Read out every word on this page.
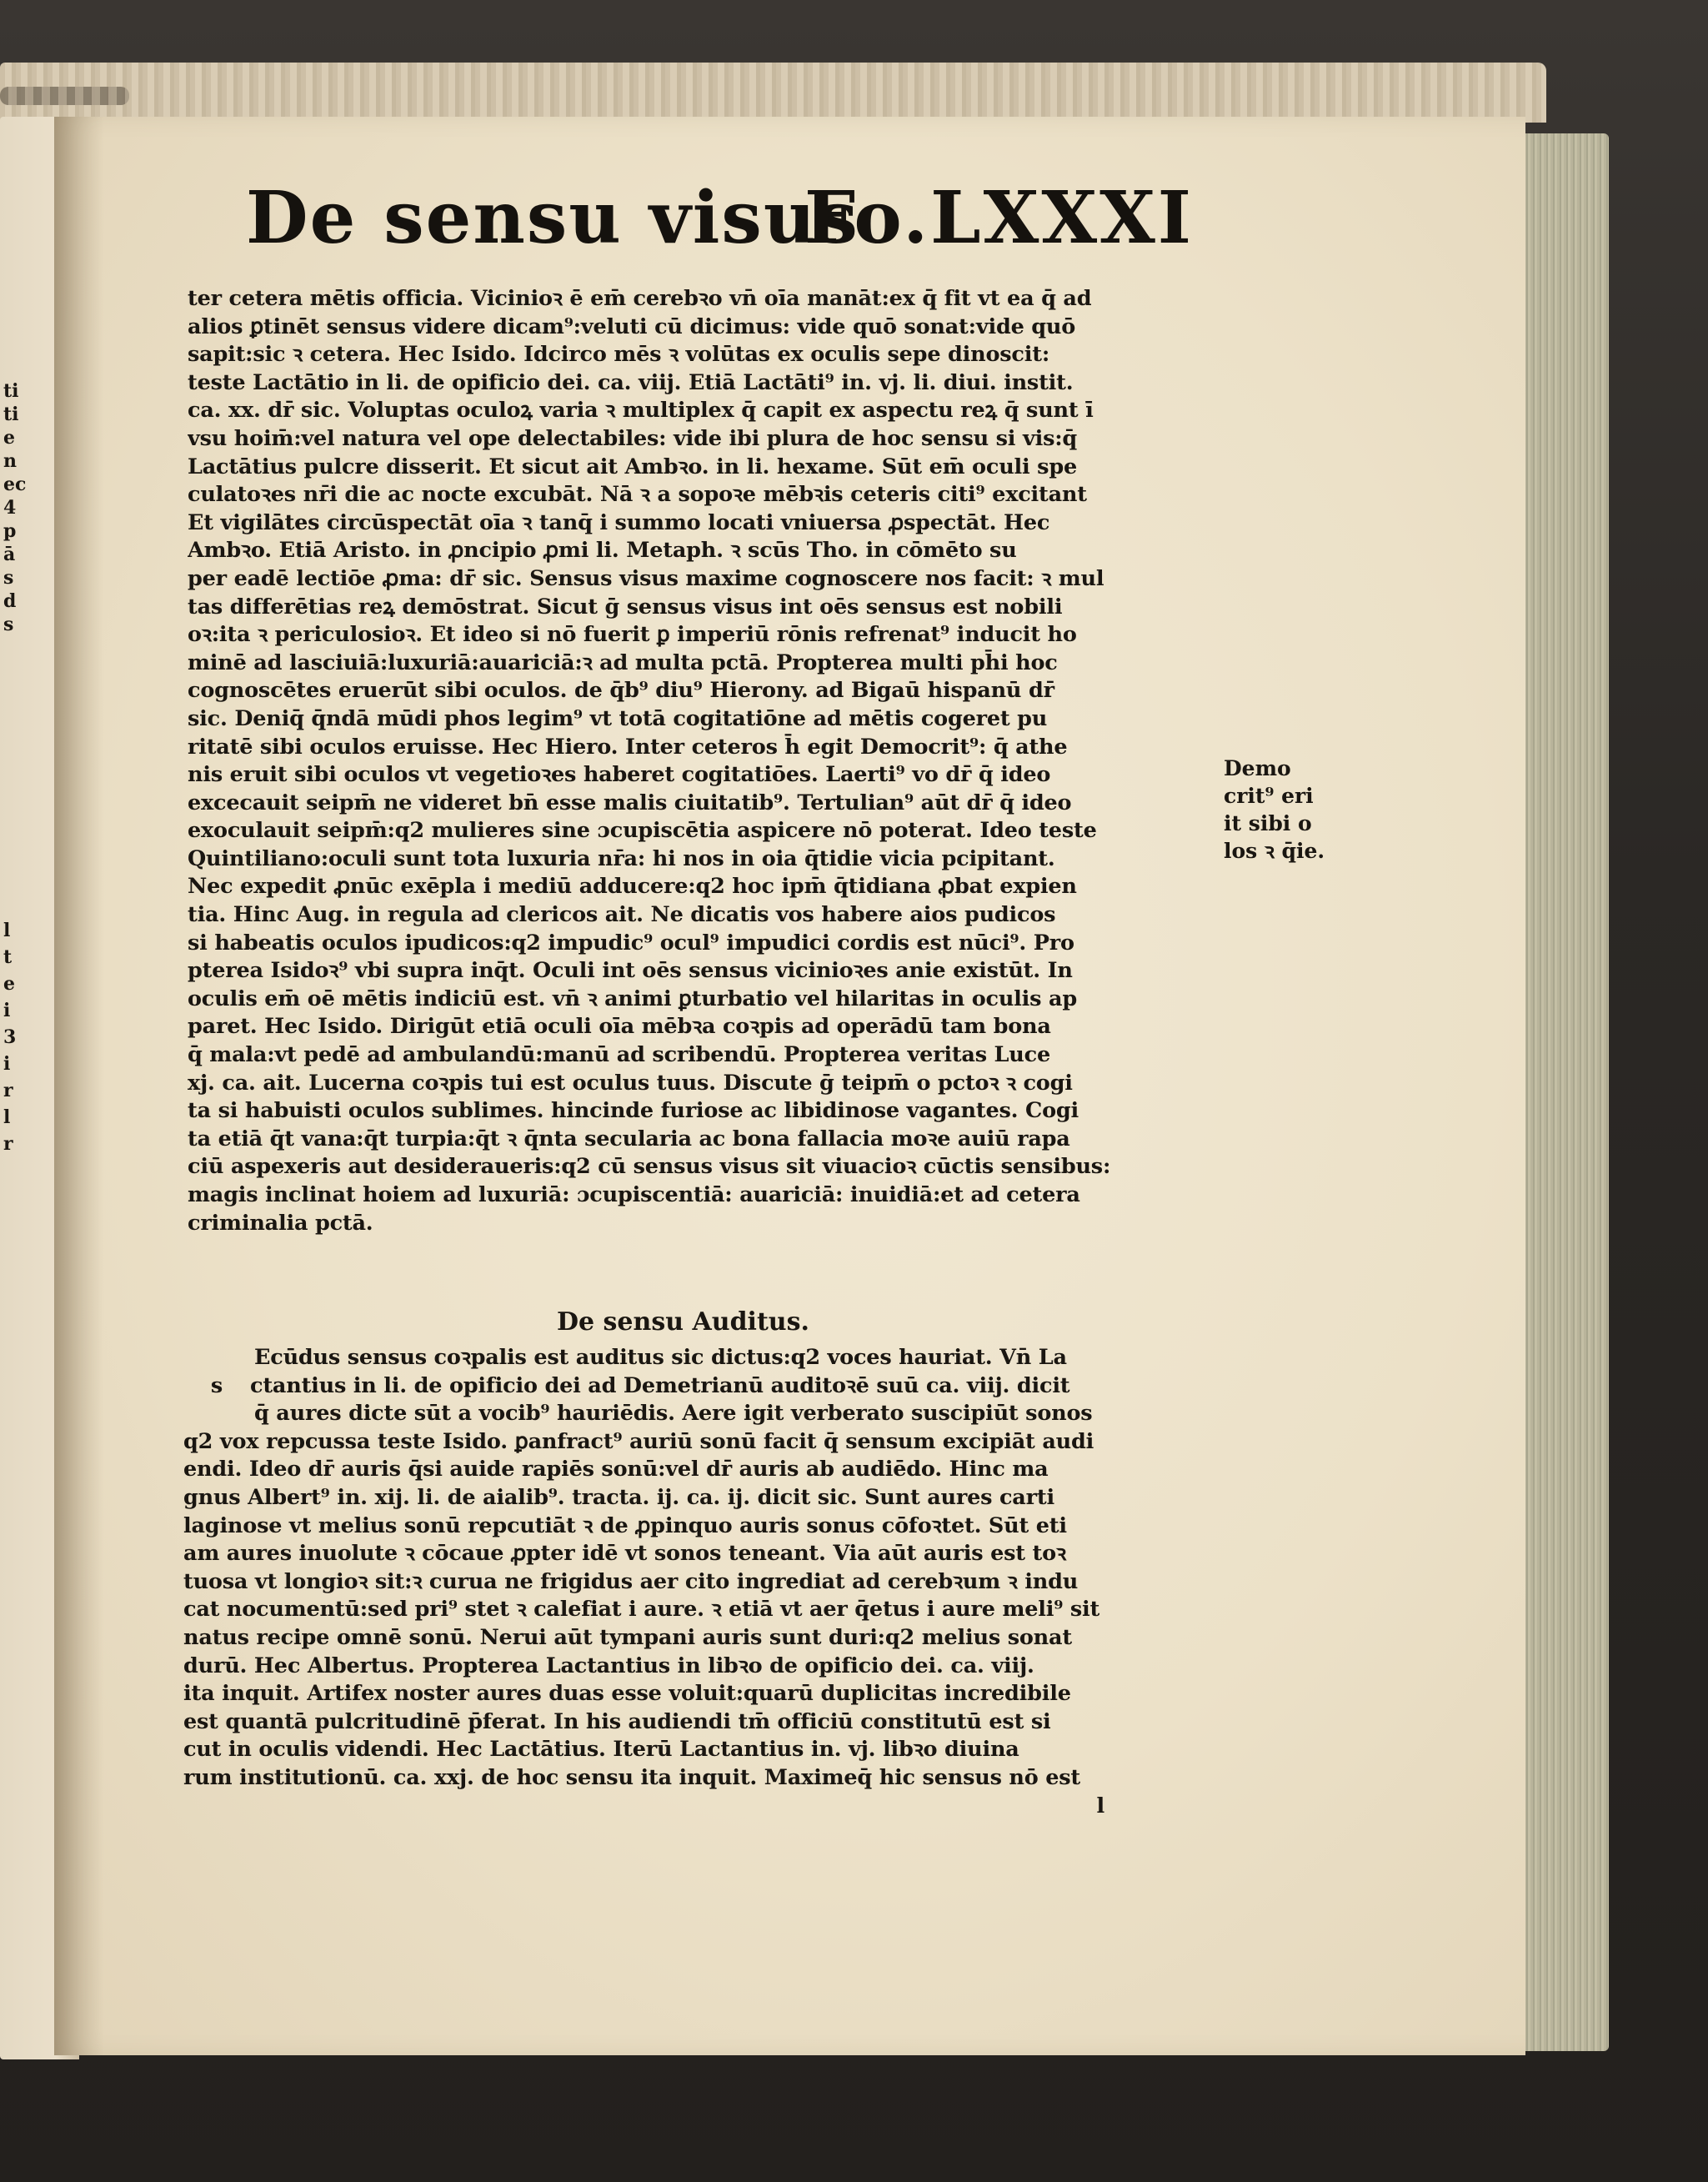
ti
ti
e
n
ec
4
p
ā
s
d
s
l
t
e
i
3
i
r
l
r
De sensu visus
Fo.LXXXI
ter cetera mētis officia. Vicinioꝛ ē em̄ cerebꝛo vn̄ oīa manāt:ex q̄ fit vt ea q̄ ad
alios ꝑtinēt sensus videre dicam⁹:veluti cū dicimus: vide quō sonat:vide quō
sapit:sic ꝛ cetera. Hec Isido. Idcirco mēs ꝛ volūtas ex oculis sepe dinoscit:
teste Lactātio in li. de opificio dei. ca. viij. Etiā Lactāti⁹ in. vj. li. diui. instit.
ca. xx. dr̄ sic. Voluptas oculoꝝ varia ꝛ multiplex q̄ capit ex aspectu reꝝ q̄ sunt ī
vsu hoim̄:vel natura vel ope delectabiles: vide ibi plura de hoc sensu si vis:q̄
Lactātius pulcre disserit. Et sicut ait Ambꝛo. in li. hexame. Sūt em̄ oculi spe
culatoꝛes nr̄i die ac nocte excubāt. Nā ꝛ a sopoꝛe mēbꝛis ceteris citi⁹ excitant
Et vigilātes circūspectāt oīa ꝛ tanq̄ i summo locati vniuersa ꝓspectāt. Hec
Ambꝛo. Etiā Aristo. in ꝓncipio ꝓmi li. Metaph. ꝛ scūs Tho. in cōmēto su
per eadē lectiōe ꝓma: dr̄ sic. Sensus visus maxime cognoscere nos facit: ꝛ mul
tas differētias reꝝ demōstrat. Sicut ḡ sensus visus int oēs sensus est nobili
oꝛ:ita ꝛ periculosioꝛ. Et ideo si nō fuerit ꝑ imperiū rōnis refrenat⁹ inducit ho
minē ad lasciuiā:luxuriā:auariciā:ꝛ ad multa pctā. Propterea multi ph̄i hoc
cognoscētes eruerūt sibi oculos. de q̄b⁹ diu⁹ Hierony. ad Bigaū hispanū dr̄
sic. Deniq̄ q̄ndā mūdi phos legim⁹ vt totā cogitatiōne ad mētis cogeret pu
ritatē sibi oculos eruisse. Hec Hiero. Inter ceteros h̄ egit Democrit⁹: q̄ athe
nis eruit sibi oculos vt vegetioꝛes haberet cogitatiōes. Laerti⁹ vo dr̄ q̄ ideo
excecauit seipm̄ ne videret bn̄ esse malis ciuitatib⁹. Tertulian⁹ aūt dr̄ q̄ ideo
exoculauit seipm̄:q2 mulieres sine ɔcupiscētia aspicere nō poterat. Ideo teste
Quintiliano:oculi sunt tota luxuria nr̄a: hi nos in oia q̄tidie vicia pcipitant.
Nec expedit ꝓnūc exēpla i mediū adducere:q2 hoc ipm̄ q̄tidiana ꝓbat expien
tia. Hinc Aug. in regula ad clericos ait. Ne dicatis vos habere aios pudicos
si habeatis oculos ipudicos:q2 impudic⁹ ocul⁹ impudici cordis est nūci⁹. Pro
pterea Isidoꝛ⁹ vbi supra inq̄t. Oculi int oēs sensus vicinioꝛes anie existūt. In
oculis em̄ oē mētis indiciū est. vn̄ ꝛ animi ꝑturbatio vel hilaritas in oculis ap
paret. Hec Isido. Dirigūt etiā oculi oīa mēbꝛa coꝛpis ad operādū tam bona
q̄ mala:vt pedē ad ambulandū:manū ad scribendū. Propterea veritas Luce
xj. ca. ait. Lucerna coꝛpis tui est oculus tuus. Discute ḡ teipm̄ o pctoꝛ ꝛ cogi
ta si habuisti oculos sublimes. hincinde furiose ac libidinose vagantes. Cogi
ta etiā q̄t vana:q̄t turpia:q̄t ꝛ q̄nta secularia ac bona fallacia moꝛe auiū rapa
ciū aspexeris aut desideraueris:q2 cū sensus visus sit viuacioꝛ cūctis sensibus:
magis inclinat hoiem ad luxuriā: ɔcupiscentiā: auariciā: inuidiā:et ad cetera
criminalia pctā.
Demo
crit⁹ eri
it sibi o
los ꝛ q̄ie.
De sensu Auditus.
Ecūdus sensus coꝛpalis est auditus sic dictus:q2 voces hauriat. Vn̄ La
s ctantius in li. de opificio dei ad Demetrianū auditoꝛē suū ca. viij. dicit
q̄ aures dicte sūt a vocib⁹ hauriēdis. Aere igit verberato suscipiūt sonos
q2 vox repcussa teste Isido. ꝑanfract⁹ auriū sonū facit q̄ sensum excipiāt audi
endi. Ideo dr̄ auris q̄si auide rapiēs sonū:vel dr̄ auris ab audiēdo. Hinc ma
gnus Albert⁹ in. xij. li. de aialib⁹. tracta. ij. ca. ij. dicit sic. Sunt aures carti
laginose vt melius sonū repcutiāt ꝛ de ꝓpinquo auris sonus cōfoꝛtet. Sūt eti
am aures inuolute ꝛ cōcaue ꝓpter idē vt sonos teneant. Via aūt auris est toꝛ
tuosa vt longioꝛ sit:ꝛ curua ne frigidus aer cito ingrediat ad cerebꝛum ꝛ indu
cat nocumentū:sed pri⁹ stet ꝛ calefiat i aure. ꝛ etiā vt aer q̄etus i aure meli⁹ sit
natus recipe omnē sonū. Nerui aūt tympani auris sunt duri:q2 melius sonat
durū. Hec Albertus. Propterea Lactantius in libꝛo de opificio dei. ca. viij.
ita inquit. Artifex noster aures duas esse voluit:quarū duplicitas incredibile
est quantā pulcritudinē p̄ferat. In his audiendi tm̄ officiū constitutū est si
cut in oculis videndi. Hec Lactātius. Iterū Lactantius in. vj. libꝛo diuina
rum institutionū. ca. xxj. de hoc sensu ita inquit. Maximeq̄ hic sensus nō est
l
